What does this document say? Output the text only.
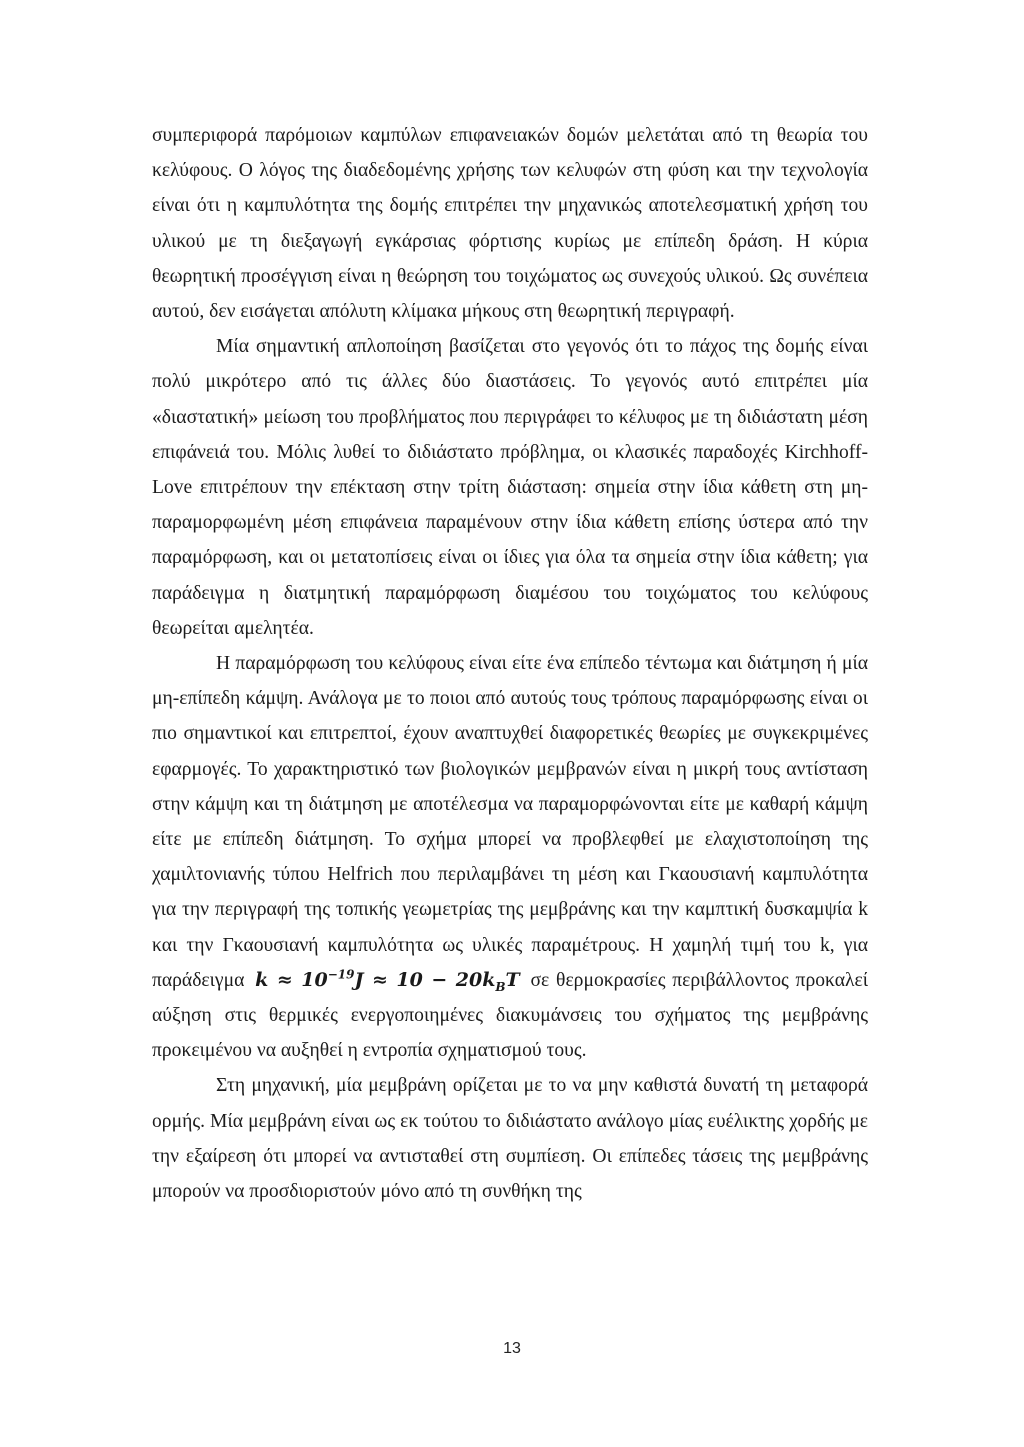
συμπεριφορά παρόμοιων καμπύλων επιφανειακών δομών μελετάται από τη θεωρία του κελύφους. Ο λόγος της διαδεδομένης χρήσης των κελυφών στη φύση και την τεχνολογία είναι ότι η καμπυλότητα της δομής επιτρέπει την μηχανικώς αποτελεσματική χρήση του υλικού με τη διεξαγωγή εγκάρσιας φόρτισης κυρίως με επίπεδη δράση. Η κύρια θεωρητική προσέγγιση είναι η θεώρηση του τοιχώματος ως συνεχούς υλικού. Ως συνέπεια αυτού, δεν εισάγεται απόλυτη κλίμακα μήκους στη θεωρητική περιγραφή.

Μία σημαντική απλοποίηση βασίζεται στο γεγονός ότι το πάχος της δομής είναι πολύ μικρότερο από τις άλλες δύο διαστάσεις. Το γεγονός αυτό επιτρέπει μία «διαστατική» μείωση του προβλήματος που περιγράφει το κέλυφος με τη διδιάστατη μέση επιφάνειά του. Μόλις λυθεί το διδιάστατο πρόβλημα, οι κλασικές παραδοχές Kirchhoff-Love επιτρέπουν την επέκταση στην τρίτη διάσταση: σημεία στην ίδια κάθετη στη μη-παραμορφωμένη μέση επιφάνεια παραμένουν στην ίδια κάθετη επίσης ύστερα από την παραμόρφωση, και οι μετατοπίσεις είναι οι ίδιες για όλα τα σημεία στην ίδια κάθετη; για παράδειγμα η διατμητική παραμόρφωση διαμέσου του τοιχώματος του κελύφους θεωρείται αμελητέα.

Η παραμόρφωση του κελύφους είναι είτε ένα επίπεδο τέντωμα και διάτμηση ή μία μη-επίπεδη κάμψη. Ανάλογα με το ποιοι από αυτούς τους τρόπους παραμόρφωσης είναι οι πιο σημαντικοί και επιτρεπτοί, έχουν αναπτυχθεί διαφορετικές θεωρίες με συγκεκριμένες εφαρμογές. Το χαρακτηριστικό των βιολογικών μεμβρανών είναι η μικρή τους αντίσταση στην κάμψη και τη διάτμηση με αποτέλεσμα να παραμορφώνονται είτε με καθαρή κάμψη είτε με επίπεδη διάτμηση. Το σχήμα μπορεί να προβλεφθεί με ελαχιστοποίηση της χαμιλτονιανής τύπου Helfrich που περιλαμβάνει τη μέση και Γκαουσιανή καμπυλότητα για την περιγραφή της τοπικής γεωμετρίας της μεμβράνης και την καμπτική δυσκαμψία k και την Γκαουσιανή καμπυλότητα ως υλικές παραμέτρους. Η χαμηλή τιμή του k, για παράδειγμα $k \approx 10^{-19}J \approx 10 - 20k_BT$ σε θερμοκρασίες περιβάλλοντος προκαλεί αύξηση στις θερμικές ενεργοποιημένες διακυμάνσεις του σχήματος της μεμβράνης προκειμένου να αυξηθεί η εντροπία σχηματισμού τους.

Στη μηχανική, μία μεμβράνη ορίζεται με το να μην καθιστά δυνατή τη μεταφορά ορμής. Μία μεμβράνη είναι ως εκ τούτου το διδιάστατο ανάλογο μίας ευέλικτης χορδής με την εξαίρεση ότι μπορεί να αντισταθεί στη συμπίεση. Οι επίπεδες τάσεις της μεμβράνης μπορούν να προσδιοριστούν μόνο από τη συνθήκη της

13
